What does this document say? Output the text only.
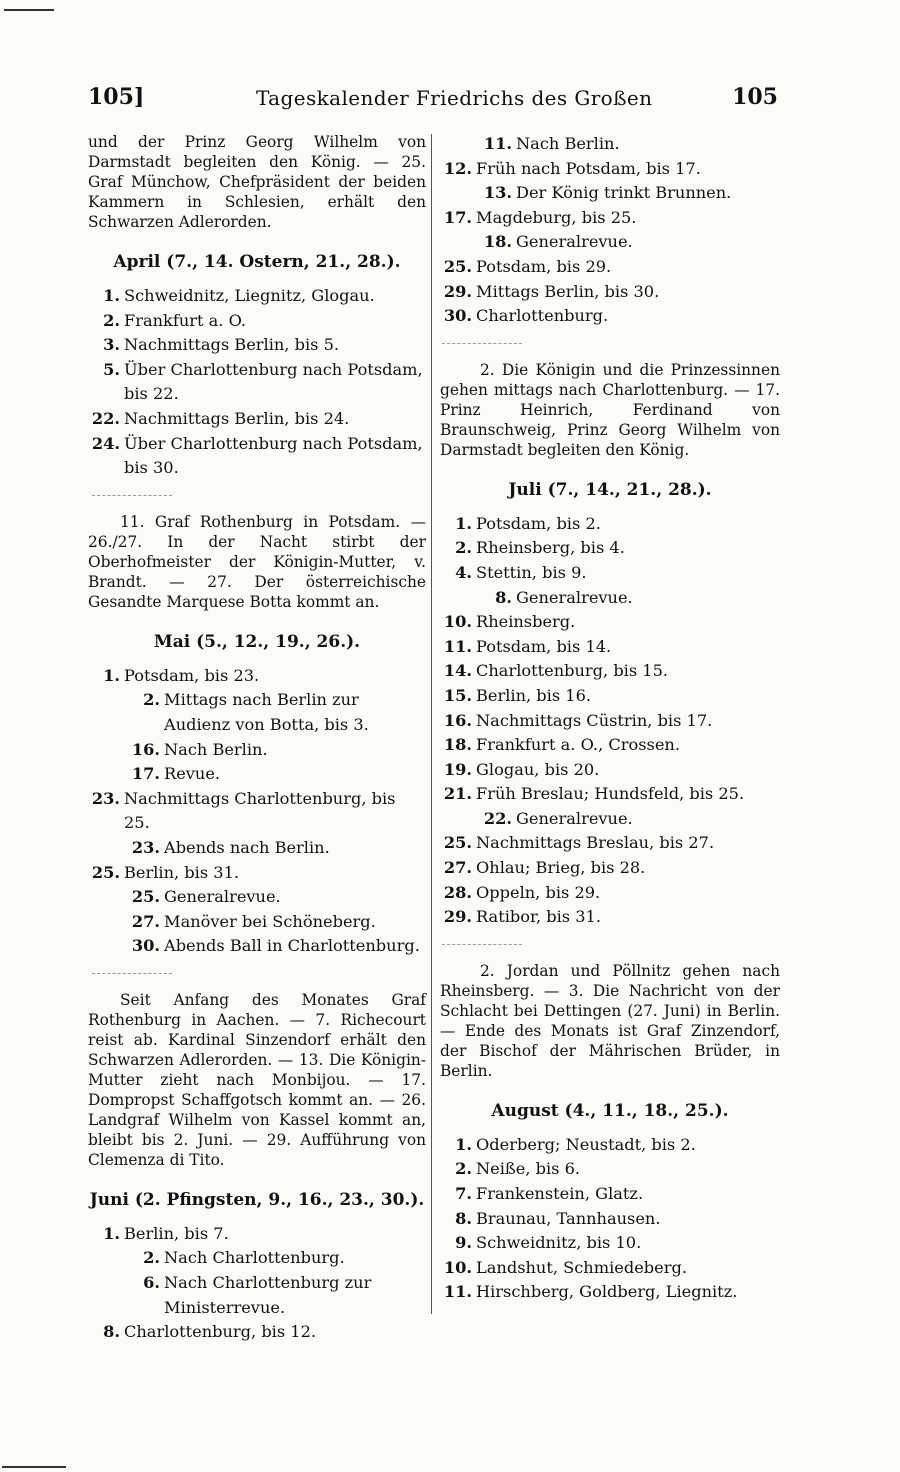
105]	Tageskalender Friedrichs des Großen	105

und der Prinz Georg Wilhelm von Darmstadt begleiten den König. — 25. Graf Münchow, Chefpräsident der beiden Kammern in Schlesien, erhält den Schwarzen Adlerorden.

April (7., 14. Ostern, 21., 28.).
1. Schweidnitz, Liegnitz, Glogau.
2. Frankfurt a. O.
3. Nachmittags Berlin, bis 5.
5. Über Charlottenburg nach Potsdam, bis 22.
22. Nachmittags Berlin, bis 24.
24. Über Charlottenburg nach Potsdam, bis 30.

11. Graf Rothenburg in Potsdam. — 26./27. In der Nacht stirbt der Oberhofmeister der Königin-Mutter, v. Brandt. — 27. Der österreichische Gesandte Marquese Botta kommt an.

Mai (5., 12., 19., 26.).
1. Potsdam, bis 23.
2. Mittags nach Berlin zur Audienz von Botta, bis 3.
16. Nach Berlin.
17. Revue.
23. Nachmittags Charlottenburg, bis 25.
23. Abends nach Berlin.
25. Berlin, bis 31.
25. Generalrevue.
27. Manöver bei Schöneberg.
30. Abends Ball in Charlottenburg.

Seit Anfang des Monates Graf Rothenburg in Aachen. — 7. Richecourt reist ab. Kardinal Sinzendorf erhält den Schwarzen Adlerorden. — 13. Die Königin-Mutter zieht nach Monbijou. — 17. Dompropst Schaffgotsch kommt an. — 26. Landgraf Wilhelm von Kassel kommt an, bleibt bis 2. Juni. — 29. Aufführung von Clemenza di Tito.

Juni (2. Pfingsten, 9., 16., 23., 30.).
1. Berlin, bis 7.
2. Nach Charlottenburg.
6. Nach Charlottenburg zur Ministerrevue.
8. Charlottenburg, bis 12.
11. Nach Berlin.
12. Früh nach Potsdam, bis 17.
13. Der König trinkt Brunnen.
17. Magdeburg, bis 25.
18. Generalrevue.
25. Potsdam, bis 29.
29. Mittags Berlin, bis 30.
30. Charlottenburg.

2. Die Königin und die Prinzessinnen gehen mittags nach Charlottenburg. — 17. Prinz Heinrich, Ferdinand von Braunschweig, Prinz Georg Wilhelm von Darmstadt begleiten den König.

Juli (7., 14., 21., 28.).
1. Potsdam, bis 2.
2. Rheinsberg, bis 4.
4. Stettin, bis 9.
8. Generalrevue.
10. Rheinsberg.
11. Potsdam, bis 14.
14. Charlottenburg, bis 15.
15. Berlin, bis 16.
16. Nachmittags Cüstrin, bis 17.
18. Frankfurt a. O., Crossen.
19. Glogau, bis 20.
21. Früh Breslau; Hundsfeld, bis 25.
22. Generalrevue.
25. Nachmittags Breslau, bis 27.
27. Ohlau; Brieg, bis 28.
28. Oppeln, bis 29.
29. Ratibor, bis 31.

2. Jordan und Pöllnitz gehen nach Rheinsberg. — 3. Die Nachricht von der Schlacht bei Dettingen (27. Juni) in Berlin. — Ende des Monats ist Graf Zinzendorf, der Bischof der Mährischen Brüder, in Berlin.

August (4., 11., 18., 25.).
1. Oderberg; Neustadt, bis 2.
2. Neiße, bis 6.
7. Frankenstein, Glatz.
8. Braunau, Tannhausen.
9. Schweidnitz, bis 10.
10. Landshut, Schmiedeberg.
11. Hirschberg, Goldberg, Liegnitz.
